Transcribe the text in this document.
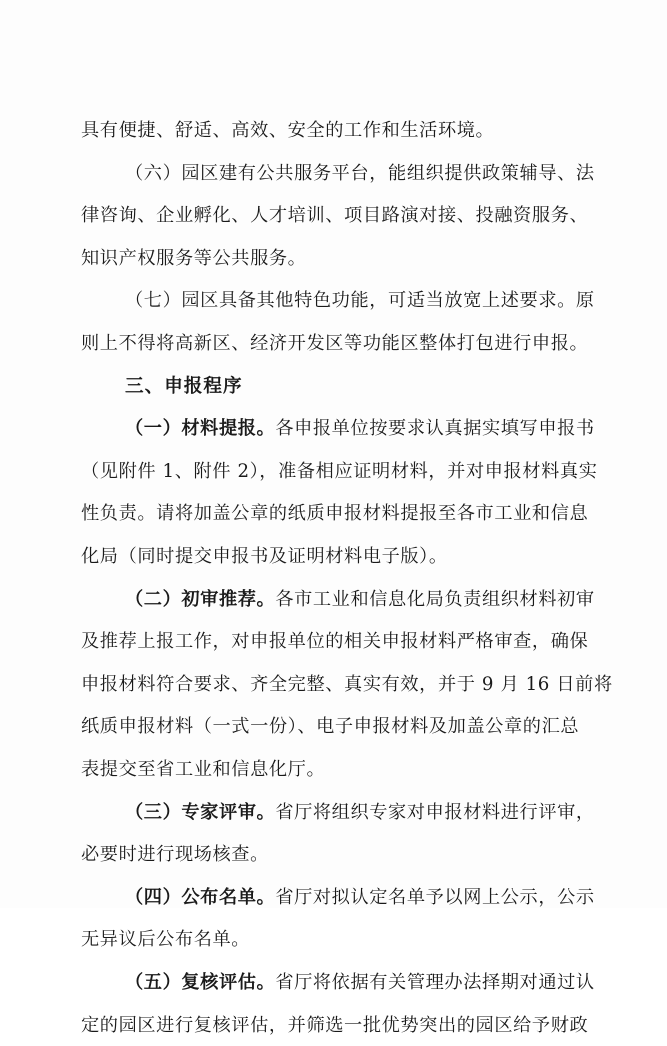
具有便捷、舒适、高效、安全的工作和生活环境。
（六）园区建有公共服务平台，能组织提供政策辅导、法
律咨询、企业孵化、人才培训、项目路演对接、投融资服务、
知识产权服务等公共服务。
（七）园区具备其他特色功能，可适当放宽上述要求。原
则上不得将高新区、经济开发区等功能区整体打包进行申报。
三、申报程序
（一）材料提报。各申报单位按要求认真据实填写申报书
（见附件 1、附件 2），准备相应证明材料，并对申报材料真实
性负责。请将加盖公章的纸质申报材料提报至各市工业和信息
化局（同时提交申报书及证明材料电子版）。
（二）初审推荐。各市工业和信息化局负责组织材料初审
及推荐上报工作，对申报单位的相关申报材料严格审查，确保
申报材料符合要求、齐全完整、真实有效，并于 9 月 16 日前将
纸质申报材料（一式一份）、电子申报材料及加盖公章的汇总
表提交至省工业和信息化厅。
（三）专家评审。省厅将组织专家对申报材料进行评审，
必要时进行现场核查。
（四）公布名单。省厅对拟认定名单予以网上公示，公示
无异议后公布名单。
（五）复核评估。省厅将依据有关管理办法择期对通过认
定的园区进行复核评估，并筛选一批优势突出的园区给予财政
